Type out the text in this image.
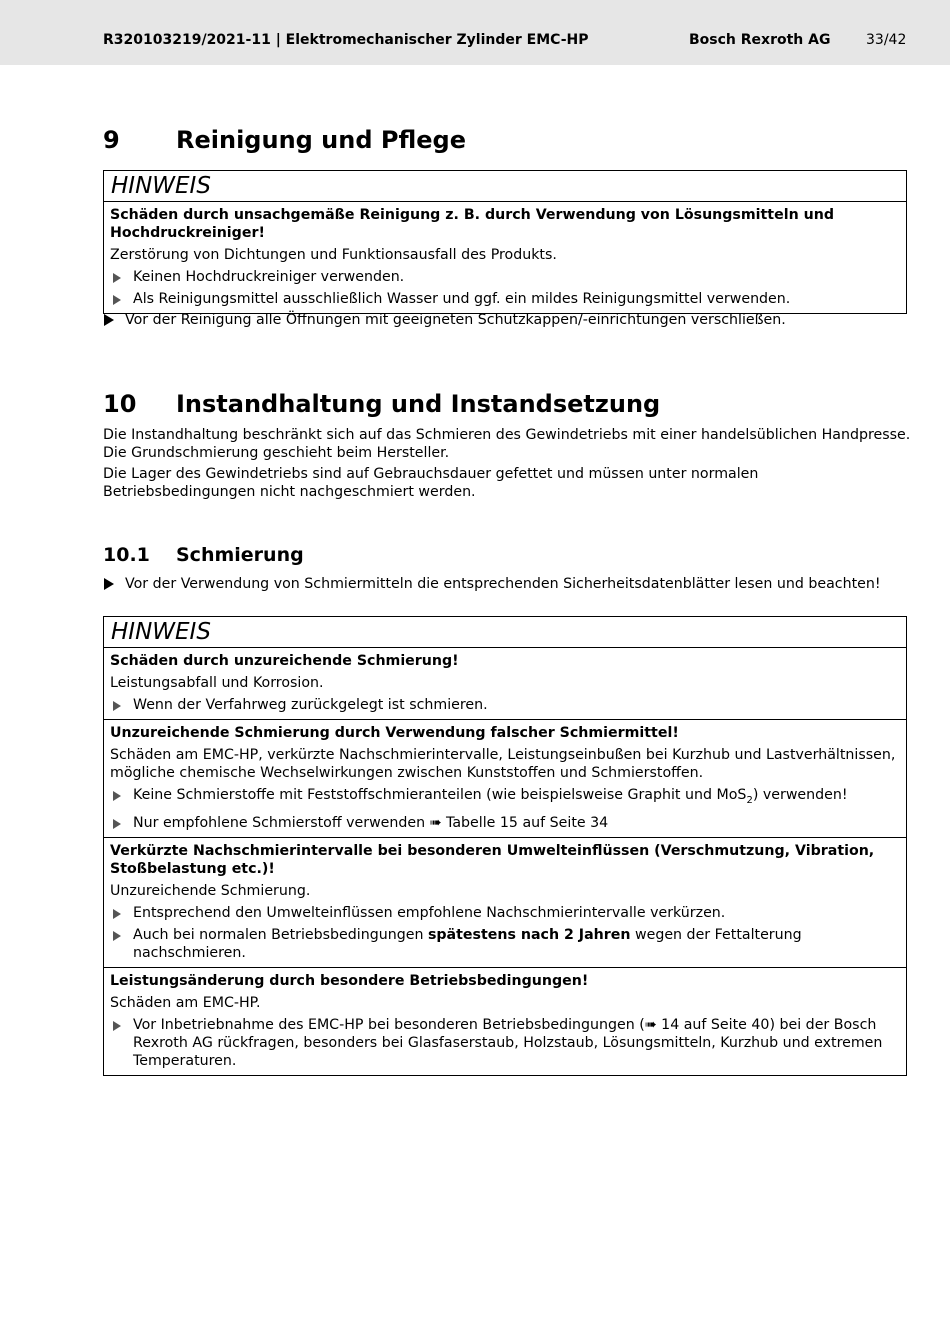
R320103219/2021-11 | Elektromechanischer Zylinder EMC-HP	Bosch Rexroth AG	33/42
9 Reinigung und Pflege
HINWEIS
Schäden durch unsachgemäße Reinigung z. B. durch Verwendung von Lösungsmitteln und Hochdruckreiniger!
Zerstörung von Dichtungen und Funktionsausfall des Produkts.
Keinen Hochdruckreiniger verwenden.
Als Reinigungsmittel ausschließlich Wasser und ggf. ein mildes Reinigungsmittel verwenden.
Vor der Reinigung alle Öffnungen mit geeigneten Schutzkappen/-einrichtungen verschließen.
10 Instandhaltung und Instandsetzung
Die Instandhaltung beschränkt sich auf das Schmieren des Gewindetriebs mit einer handelsüblichen Handpresse. Die Grundschmierung geschieht beim Hersteller.
Die Lager des Gewindetriebs sind auf Gebrauchsdauer gefettet und müssen unter normalen Betriebsbedingungen nicht nachgeschmiert werden.
10.1 Schmierung
Vor der Verwendung von Schmiermitteln die entsprechenden Sicherheitsdatenblätter lesen und beachten!
HINWEIS
Schäden durch unzureichende Schmierung!
Leistungsabfall und Korrosion.
Wenn der Verfahrweg zurückgelegt ist schmieren.
Unzureichende Schmierung durch Verwendung falscher Schmiermittel!
Schäden am EMC-HP, verkürzte Nachschmierintervalle, Leistungseinbußen bei Kurzhub und Lastverhältnissen, mögliche chemische Wechselwirkungen zwischen Kunststoffen und Schmierstoffen.
Keine Schmierstoffe mit Feststoffschmieranteilen (wie beispielsweise Graphit und MoS$_2$) verwenden!
Nur empfohlene Schmierstoff verwenden ➠ Tabelle 15 auf Seite 34
Verkürzte Nachschmierintervalle bei besonderen Umwelteinflüssen (Verschmutzung, Vibration, Stoßbelastung etc.)!
Unzureichende Schmierung.
Entsprechend den Umwelteinflüssen empfohlene Nachschmierintervalle verkürzen.
Auch bei normalen Betriebsbedingungen spätestens nach 2 Jahren wegen der Fettalterung nachschmieren.
Leistungsänderung durch besondere Betriebsbedingungen!
Schäden am EMC-HP.
Vor Inbetriebnahme des EMC-HP bei besonderen Betriebsbedingungen (➠ 14 auf Seite 40) bei der Bosch Rexroth AG rückfragen, besonders bei Glasfaserstaub, Holzstaub, Lösungsmitteln, Kurzhub und extremen Temperaturen.
